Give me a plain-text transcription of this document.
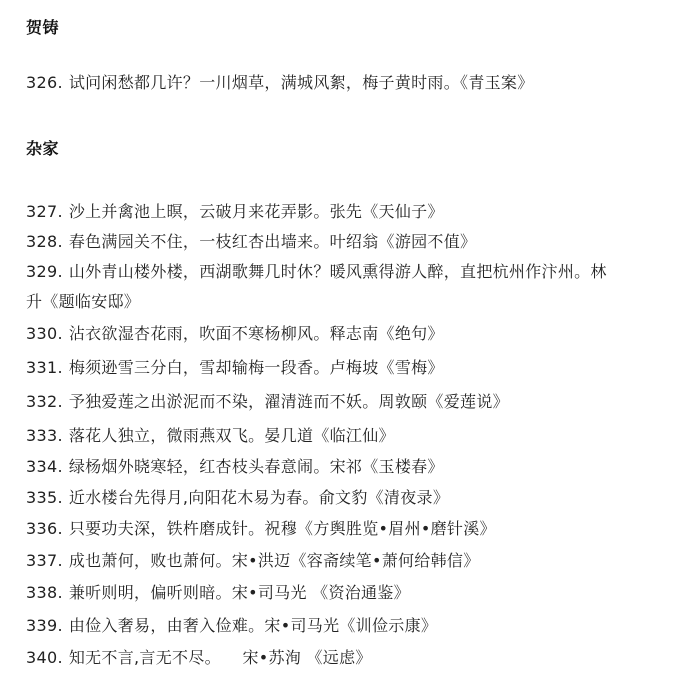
贺铸
326. 试问闲愁都几许？一川烟草，满城风絮，梅子黄时雨。《青玉案》
杂家
327. 沙上并禽池上暝，云破月来花弄影。张先《天仙子》
328. 春色满园关不住，一枝红杏出墙来。叶绍翁《游园不值》
329. 山外青山楼外楼，西湖歌舞几时休？暖风熏得游人醉，直把杭州作汴州。林
升《题临安邸》
330. 沾衣欲湿杏花雨，吹面不寒杨柳风。释志南《绝句》
331. 梅须逊雪三分白，雪却输梅一段香。卢梅坡《雪梅》
332. 予独爱莲之出淤泥而不染，濯清涟而不妖。周敦颐《爱莲说》
333. 落花人独立，微雨燕双飞。晏几道《临江仙》
334. 绿杨烟外晓寒轻，红杏枝头春意闹。宋祁《玉楼春》
335. 近水楼台先得月,向阳花木易为春。俞文豹《清夜录》
336. 只要功夫深，铁杵磨成针。祝穆《方舆胜览•眉州•磨针溪》
337. 成也萧何，败也萧何。宋•洪迈《容斋续笔•萧何给韩信》
338. 兼听则明，偏听则暗。宋•司马光 《资治通鉴》
339. 由俭入奢易，由奢入俭难。宋•司马光《训俭示康》
340. 知无不言,言无不尽。    宋•苏洵 《远虑》
